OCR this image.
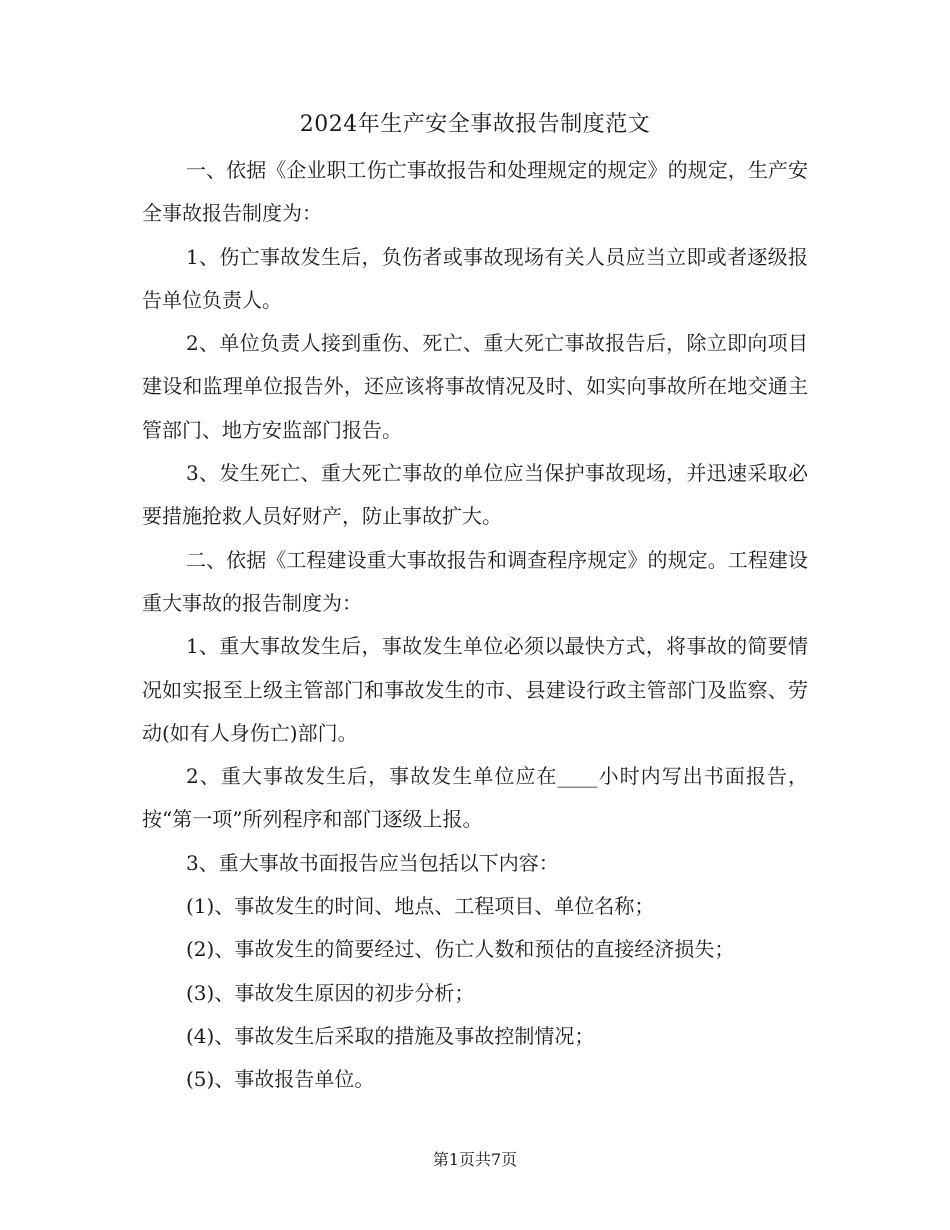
2024年生产安全事故报告制度范文

一、依据《企业职工伤亡事故报告和处理规定的规定》的规定，生产安全事故报告制度为：

1、伤亡事故发生后，负伤者或事故现场有关人员应当立即或者逐级报告单位负责人。

2、单位负责人接到重伤、死亡、重大死亡事故报告后，除立即向项目建设和监理单位报告外，还应该将事故情况及时、如实向事故所在地交通主管部门、地方安监部门报告。

3、发生死亡、重大死亡事故的单位应当保护事故现场，并迅速采取必要措施抢救人员好财产，防止事故扩大。

二、依据《工程建设重大事故报告和调查程序规定》的规定。工程建设重大事故的报告制度为：

1、重大事故发生后，事故发生单位必须以最快方式，将事故的简要情况如实报至上级主管部门和事故发生的市、县建设行政主管部门及监察、劳动(如有人身伤亡)部门。

2、重大事故发生后，事故发生单位应在____小时内写出书面报告，按“第一项”所列程序和部门逐级上报。

3、重大事故书面报告应当包括以下内容：

(1)、事故发生的时间、地点、工程项目、单位名称；

(2)、事故发生的简要经过、伤亡人数和预估的直接经济损失；

(3)、事故发生原因的初步分析；

(4)、事故发生后采取的措施及事故控制情况；

(5)、事故报告单位。

第1页共7页
